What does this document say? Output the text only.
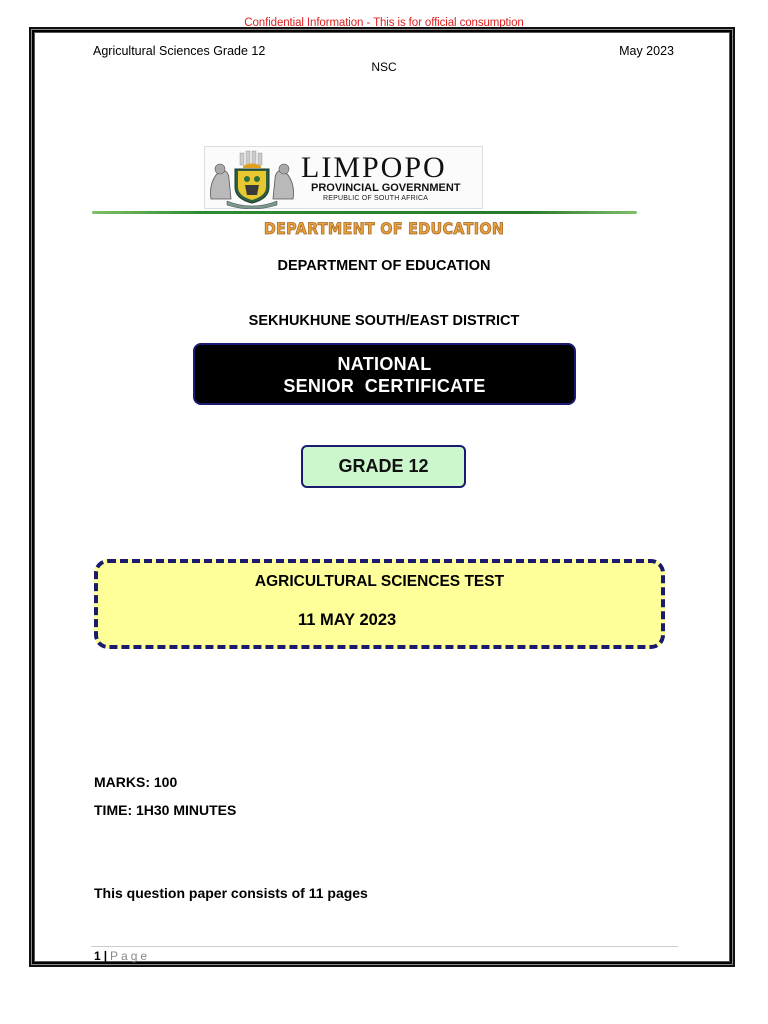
Confidential Information - This is for official consumption
Agricultural Sciences Grade 12	May 2023
NSC
LIMPOPO
PROVINCIAL GOVERNMENT
REPUBLIC OF SOUTH AFRICA
DEPARTMENT OF EDUCATION
DEPARTMENT OF EDUCATION
SEKHUKHUNE SOUTH/EAST DISTRICT
NATIONAL
SENIOR  CERTIFICATE
GRADE 12
AGRICULTURAL SCIENCES TEST
11 MAY 2023
MARKS: 100
TIME: 1H30 MINUTES
This question paper consists of 11 pages
1 | Page
